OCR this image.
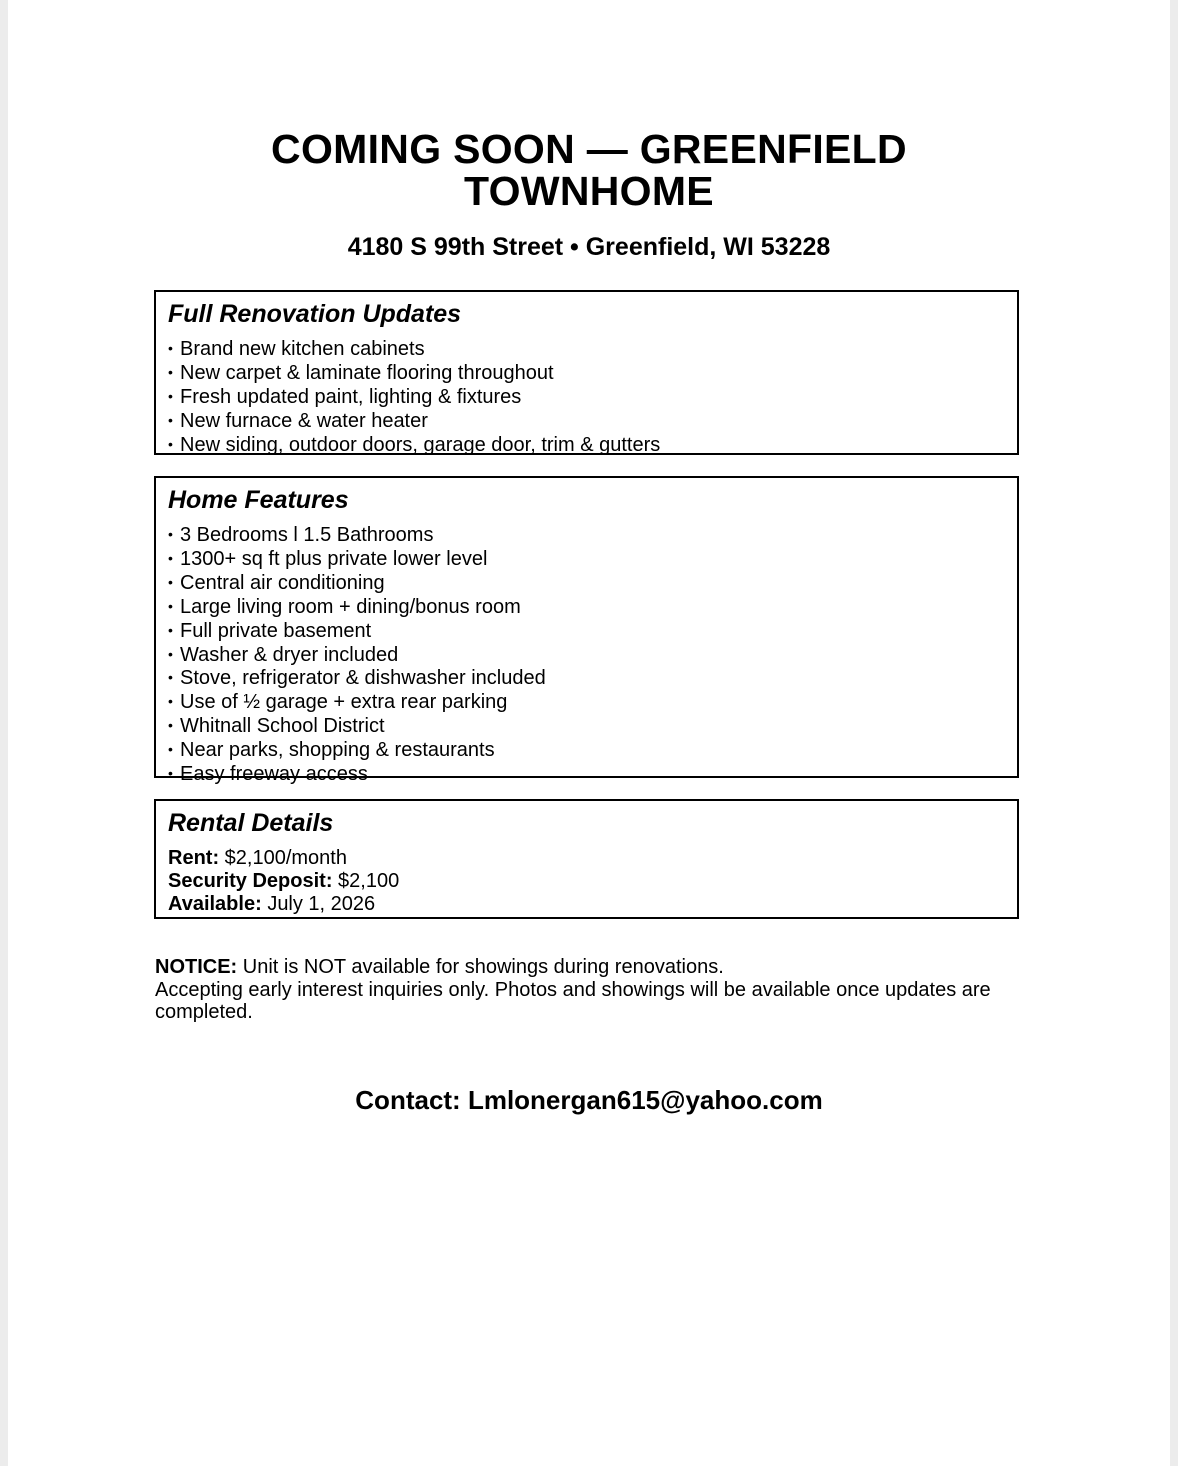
COMING SOON — GREENFIELD
TOWNHOME
4180 S 99th Street • Greenfield, WI 53228
Full Renovation Updates
• Brand new kitchen cabinets
• New carpet & laminate flooring throughout
• Fresh updated paint, lighting & fixtures
• New furnace & water heater
• New siding, outdoor doors, garage door, trim & gutters
Home Features
• 3 Bedrooms l 1.5 Bathrooms
• 1300+ sq ft plus private lower level
• Central air conditioning
• Large living room + dining/bonus room
• Full private basement
• Washer & dryer included
• Stove, refrigerator & dishwasher included
• Use of ½ garage + extra rear parking
• Whitnall School District
• Near parks, shopping & restaurants
• Easy freeway access
Rental Details
Rent: $2,100/month
Security Deposit: $2,100
Available: July 1, 2026

NOTICE: Unit is NOT available for showings during renovations.

Accepting early interest inquiries only. Photos and showings will be available once updates are completed.

Contact: Lmlonergan615@yahoo.com
